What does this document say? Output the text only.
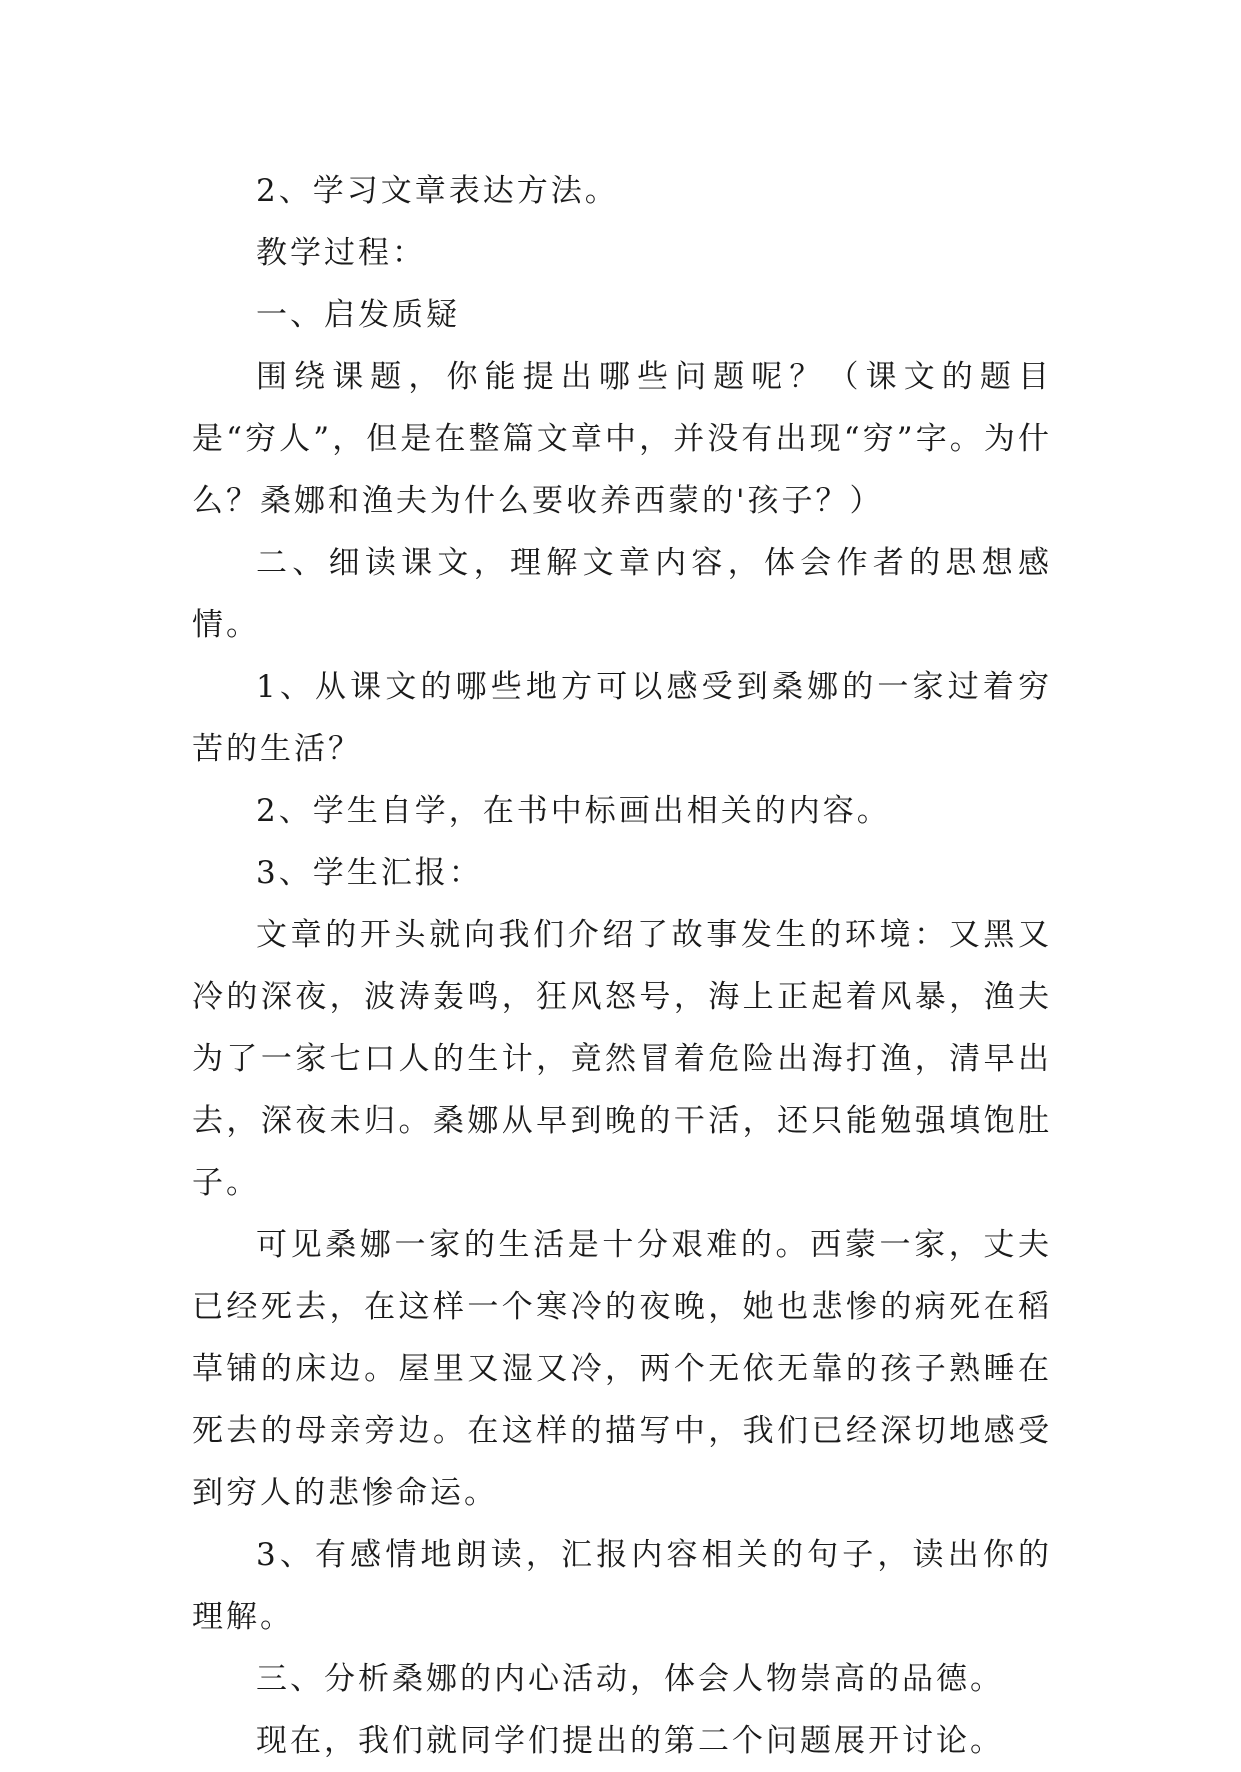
2、学习文章表达方法。

教学过程：

一、启发质疑

围绕课题，你能提出哪些问题呢？（课文的题目是“穷人”，但是在整篇文章中，并没有出现“穷”字。为什么？桑娜和渔夫为什么要收养西蒙的'孩子？）

二、细读课文，理解文章内容，体会作者的思想感情。

1、从课文的哪些地方可以感受到桑娜的一家过着穷苦的生活？

2、学生自学，在书中标画出相关的内容。

3、学生汇报：

文章的开头就向我们介绍了故事发生的环境：又黑又冷的深夜，波涛轰鸣，狂风怒号，海上正起着风暴，渔夫为了一家七口人的生计，竟然冒着危险出海打渔，清早出去，深夜未归。桑娜从早到晚的干活，还只能勉强填饱肚子。

可见桑娜一家的生活是十分艰难的。西蒙一家，丈夫已经死去，在这样一个寒冷的夜晚，她也悲惨的病死在稻草铺的床边。屋里又湿又冷，两个无依无靠的孩子熟睡在死去的母亲旁边。在这样的描写中，我们已经深切地感受到穷人的悲惨命运。

3、有感情地朗读，汇报内容相关的句子，读出你的理解。

三、分析桑娜的内心活动，体会人物崇高的品德。

现在，我们就同学们提出的第二个问题展开讨论。
